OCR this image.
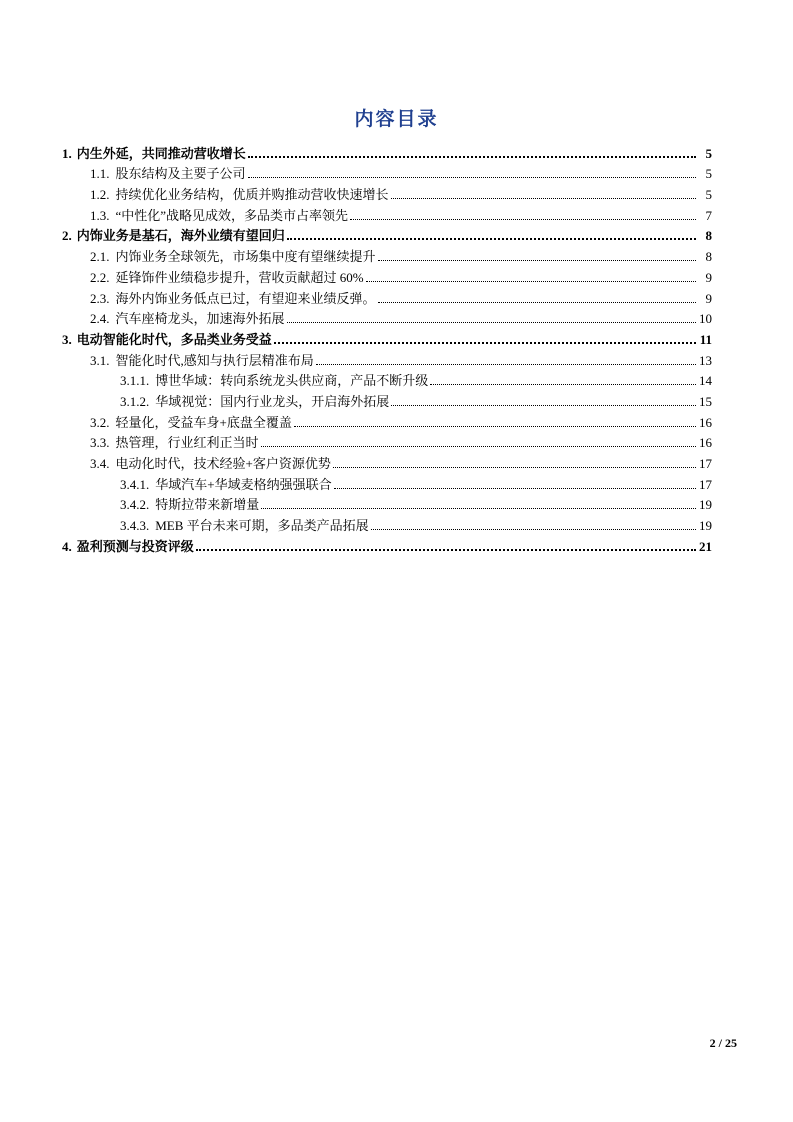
内容目录
1. 内生外延，共同推动营收增长	5
1.1. 股东结构及主要子公司	5
1.2. 持续优化业务结构，优质并购推动营收快速增长	5
1.3. “中性化”战略见成效，多品类市占率领先	7
2. 内饰业务是基石，海外业绩有望回归	8
2.1. 内饰业务全球领先，市场集中度有望继续提升	8
2.2. 延锋饰件业绩稳步提升，营收贡献超过 60%	9
2.3. 海外内饰业务低点已过，有望迎来业绩反弹。	9
2.4. 汽车座椅龙头，加速海外拓展	10
3. 电动智能化时代，多品类业务受益	11
3.1. 智能化时代,感知与执行层精准布局	13
3.1.1. 博世华域：转向系统龙头供应商，产品不断升级	14
3.1.2. 华域视觉：国内行业龙头，开启海外拓展	15
3.2. 轻量化，受益车身+底盘全覆盖	16
3.3. 热管理，行业红利正当时	16
3.4. 电动化时代，技术经验+客户资源优势	17
3.4.1. 华域汽车+华域麦格纳强强联合	17
3.4.2. 特斯拉带来新增量	19
3.4.3. MEB 平台未来可期，多品类产品拓展	19
4. 盈利预测与投资评级	21
2 / 25
